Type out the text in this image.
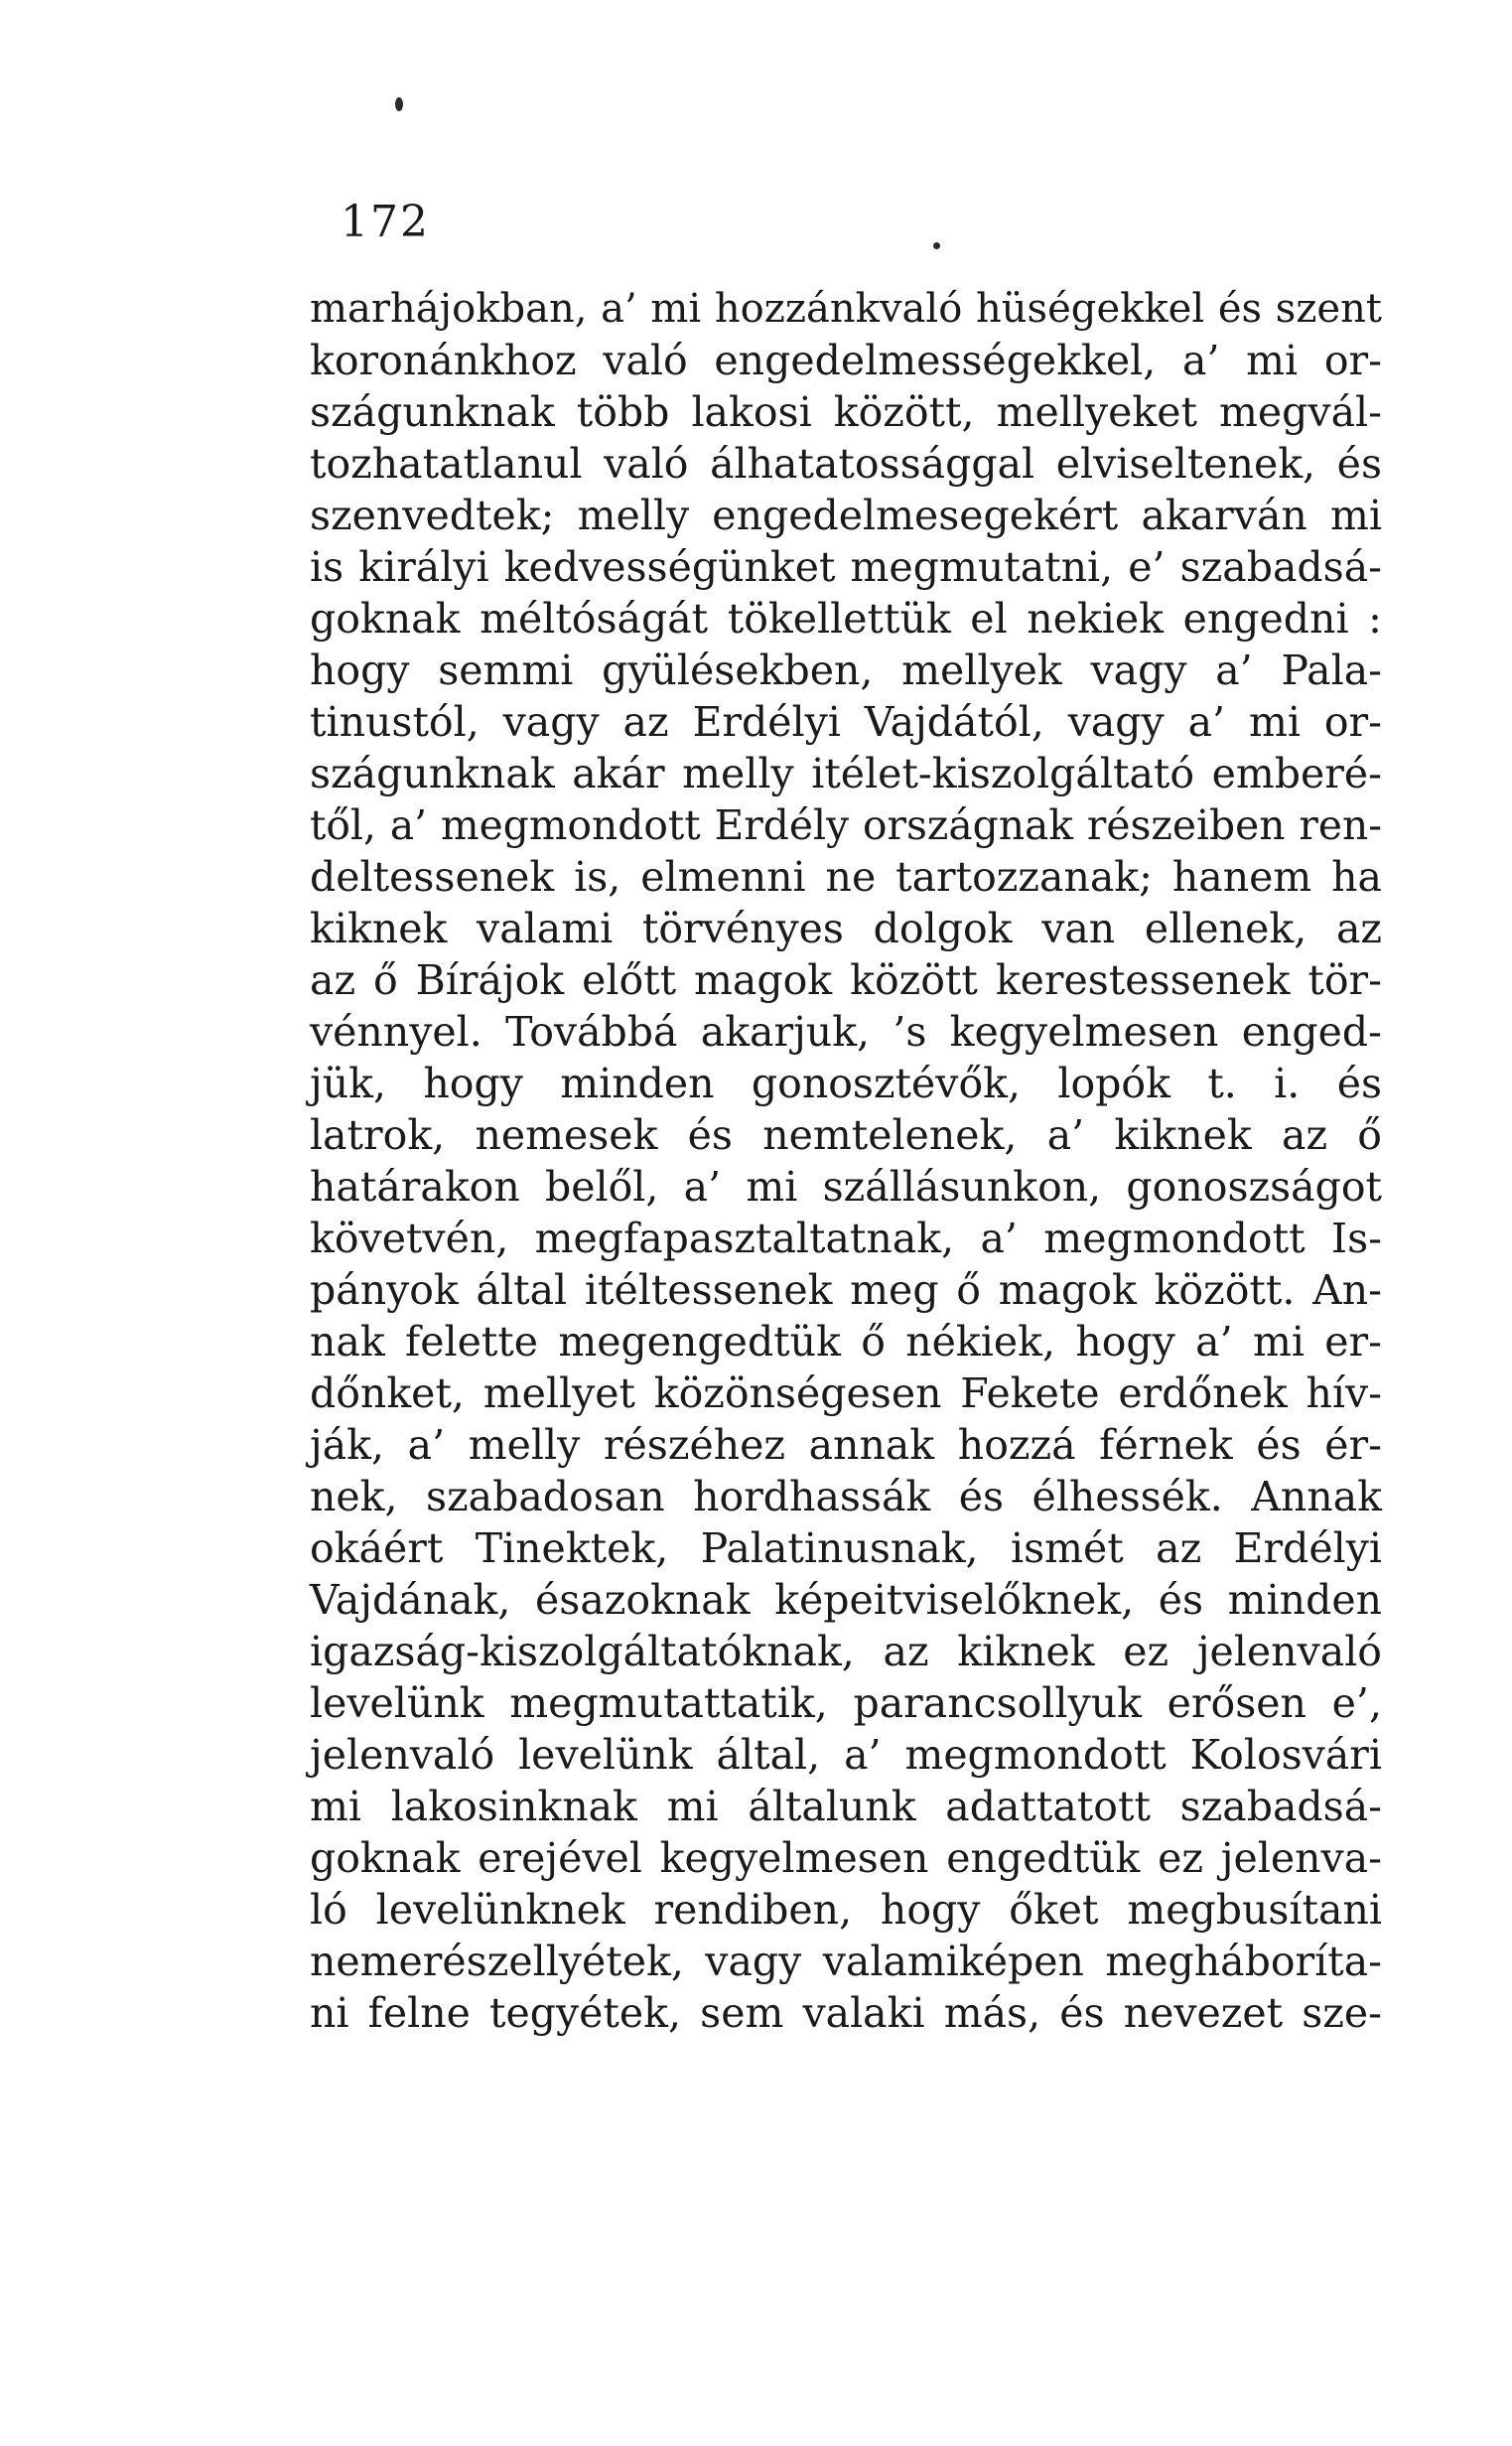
172
marhájokban, a’ mi hozzánkvaló hüségekkel és szent
koronánkhoz való engedelmességekkel, a’ mi or-
szágunknak több lakosi között, mellyeket megvál-
tozhatatlanul való álhatatossággal elviseltenek, és
szenvedtek; melly engedelmesegekért akarván mi
is királyi kedvességünket megmutatni, e’ szabadsá-
goknak méltóságát tökellettük el nekiek engedni :
hogy semmi gyülésekben, mellyek vagy a’ Pala-
tinustól, vagy az Erdélyi Vajdától, vagy a’ mi or-
szágunknak akár melly itélet-kiszolgáltató emberé-
től, a’ megmondott Erdély országnak részeiben ren-
deltessenek is, elmenni ne tartozzanak; hanem ha
kiknek valami törvényes dolgok van ellenek, az
az ő Bírájok előtt magok között kerestessenek tör-
vénnyel. Továbbá akarjuk, ’s kegyelmesen enged-
jük, hogy minden gonosztévők, lopók t. i. és
latrok, nemesek és nemtelenek, a’ kiknek az ő
határakon belől, a’ mi szállásunkon, gonoszságot
követvén, megfapasztaltatnak, a’ megmondott Is-
pányok által itéltessenek meg ő magok között. An-
nak felette megengedtük ő nékiek, hogy a’ mi er-
dőnket, mellyet közönségesen Fekete erdőnek hív-
ják, a’ melly részéhez annak hozzá férnek és ér-
nek, szabadosan hordhassák és élhessék. Annak
okáért Tinektek, Palatinusnak, ismét az Erdélyi
Vajdának, ésazoknak képeitviselőknek, és minden
igazság-kiszolgáltatóknak, az kiknek ez jelenvaló
levelünk megmutattatik, parancsollyuk erősen e’,
jelenvaló levelünk által, a’ megmondott Kolosvári
mi lakosinknak mi általunk adattatott szabadsá-
goknak erejével kegyelmesen engedtük ez jelenva-
ló levelünknek rendiben, hogy őket megbusítani
nemerészellyétek, vagy valamiképen megháboríta-
ni felne tegyétek, sem valaki más, és nevezet sze-
